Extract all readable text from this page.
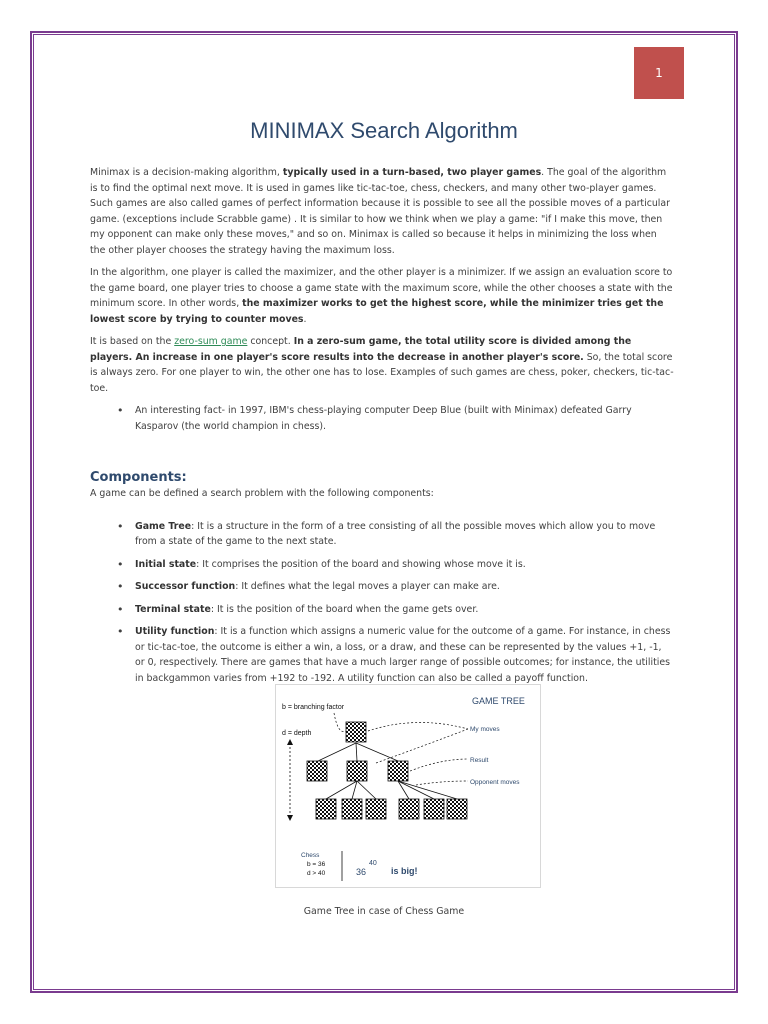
1
MINIMAX Search Algorithm

Minimax is a decision-making algorithm, typically used in a turn-based, two player games. The goal of the algorithm is to find the optimal next move. It is used in games like tic-tac-toe, chess, checkers, and many other two-player games. Such games are also called games of perfect information because it is possible to see all the possible moves of a particular game. (exceptions include Scrabble game) . It is similar to how we think when we play a game: "if I make this move, then my opponent can make only these moves," and so on. Minimax is called so because it helps in minimizing the loss when the other player chooses the strategy having the maximum loss.

In the algorithm, one player is called the maximizer, and the other player is a minimizer. If we assign an evaluation score to the game board, one player tries to choose a game state with the maximum score, while the other chooses a state with the minimum score. In other words, the maximizer works to get the highest score, while the minimizer tries get the lowest score by trying to counter moves.

It is based on the zero-sum game concept. In a zero-sum game, the total utility score is divided among the players. An increase in one player's score results into the decrease in another player's score. So, the total score is always zero. For one player to win, the other one has to lose. Examples of such games are chess, poker, checkers, tic-tac-toe.

• An interesting fact- in 1997, IBM's chess-playing computer Deep Blue (built with Minimax) defeated Garry Kasparov (the world champion in chess).
Components:
A game can be defined a search problem with the following components:
• Game Tree: It is a structure in the form of a tree consisting of all the possible moves which allow you to move from a state of the game to the next state.
• Initial state: It comprises the position of the board and showing whose move it is.
• Successor function: It defines what the legal moves a player can make are.
• Terminal state: It is the position of the board when the game gets over.
• Utility function: It is a function which assigns a numeric value for the outcome of a game. For instance, in chess or tic-tac-toe, the outcome is either a win, a loss, or a draw, and these can be represented by the values +1, -1, or 0, respectively. There are games that have a much larger range of possible outcomes; for instance, the utilities in backgammon varies from +192 to -192. A utility function can also be called a payoff function.
GAME TREE
b = branching factor
d = depth
My moves
Result
Opponent moves
Chess
b = 36
d > 40	36
40
is big!
Game Tree in case of Chess Game
